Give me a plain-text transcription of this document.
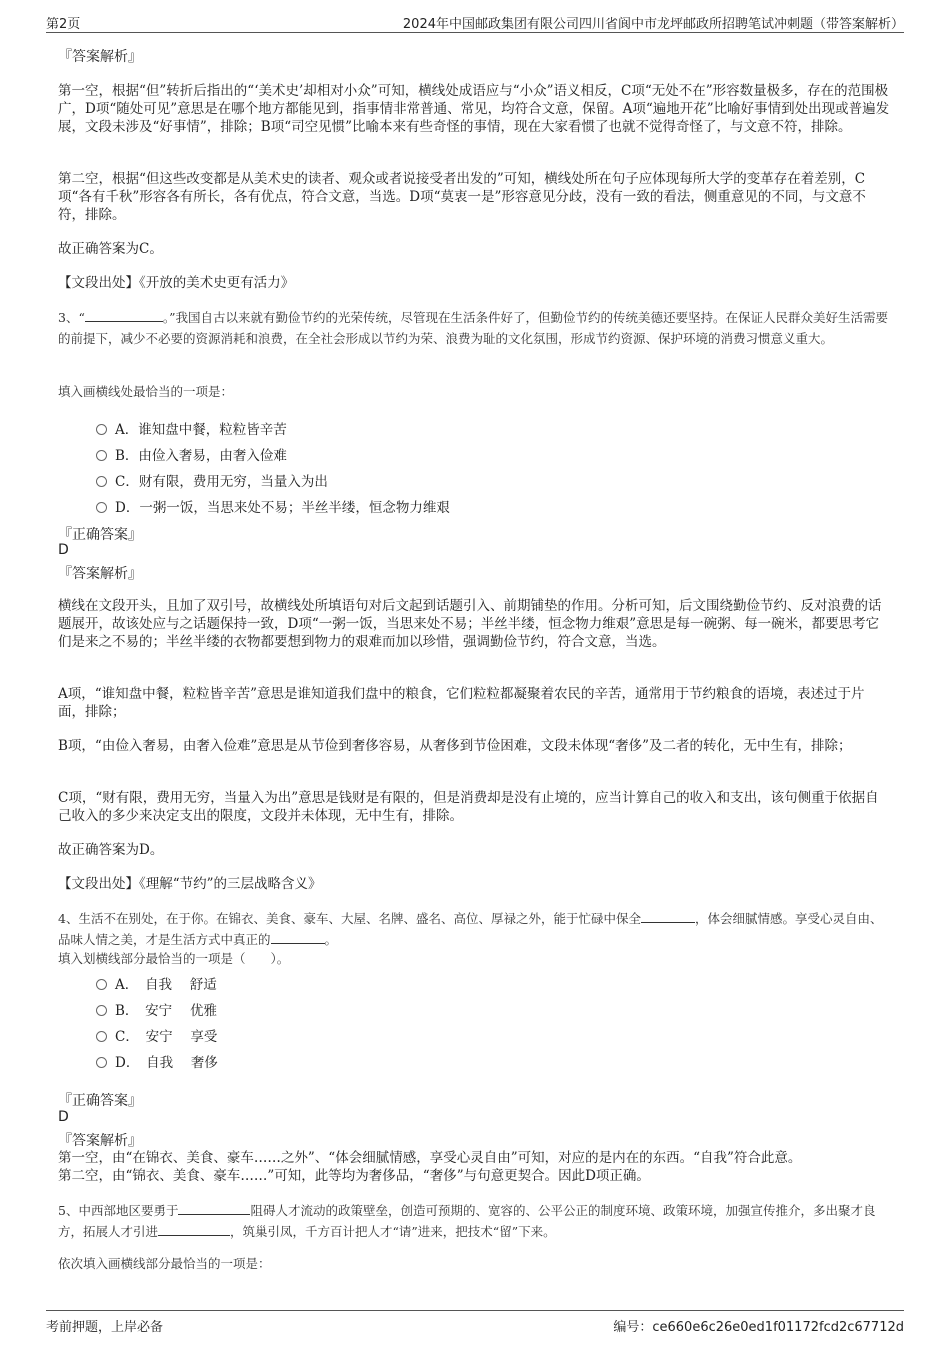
第2页	2024年中国邮政集团有限公司四川省阆中市龙坪邮政所招聘笔试冲刺题（带答案解析）
『答案解析』

第一空，根据“但”转折后指出的“‘美术史’却相对小众”可知，横线处成语应与“小众”语义相反，C项“无处不在”形容数量极多，存在的范围极广，D项“随处可见”意思是在哪个地方都能见到，指事情非常普通、常见，均符合文意，保留。A项“遍地开花”比喻好事情到处出现或普遍发展，文段未涉及“好事情”，排除；B项“司空见惯”比喻本来有些奇怪的事情，现在大家看惯了也就不觉得奇怪了，与文意不符，排除。

第二空，根据“但这些改变都是从美术史的读者、观众或者说接受者出发的”可知，横线处所在句子应体现每所大学的变革存在着差别，C项“各有千秋”形容各有所长，各有优点，符合文意，当选。D项“莫衷一是”形容意见分歧，没有一致的看法，侧重意见的不同，与文意不符，排除。

故正确答案为C。
【文段出处】《开放的美术史更有活力》

3、“	。”我国自古以来就有勤俭节约的光荣传统，尽管现在生活条件好了，但勤俭节约的传统美德还要坚持。在保证人民群众美好生活需要的前提下，减少不必要的资源消耗和浪费，在全社会形成以节约为荣、浪费为耻的文化氛围，形成节约资源、保护环境的消费习惯意义重大。

填入画横线处最恰当的一项是：
A．谁知盘中餐，粒粒皆辛苦
B．由俭入奢易，由奢入俭难
C．财有限，费用无穷，当量入为出
D．一粥一饭，当思来处不易；半丝半缕，恒念物力维艰
『正确答案』
D
『答案解析』

横线在文段开头，且加了双引号，故横线处所填语句对后文起到话题引入、前期铺垫的作用。分析可知，后文围绕勤俭节约、反对浪费的话题展开，故该处应与之话题保持一致，D项“一粥一饭，当思来处不易；半丝半缕，恒念物力维艰”意思是每一碗粥、每一碗米，都要思考它们是来之不易的；半丝半缕的衣物都要想到物力的艰难而加以珍惜，强调勤俭节约，符合文意，当选。

A项，“谁知盘中餐，粒粒皆辛苦”意思是谁知道我们盘中的粮食，它们粒粒都凝聚着农民的辛苦，通常用于节约粮食的语境，表述过于片面，排除；

B项，“由俭入奢易，由奢入俭难”意思是从节俭到奢侈容易，从奢侈到节俭困难，文段未体现“奢侈”及二者的转化，无中生有，排除；

C项，“财有限，费用无穷，当量入为出”意思是钱财是有限的，但是消费却是没有止境的，应当计算自己的收入和支出，该句侧重于依据自己收入的多少来决定支出的限度，文段并未体现，无中生有，排除。

故正确答案为D。
【文段出处】《理解“节约”的三层战略含义》

4、生活不在别处，在于你。在锦衣、美食、豪车、大屋、名牌、盛名、高位、厚禄之外，能于忙碌中保全	，体会细腻情感。享受心灵自由、品味人情之美，才是生活方式中真正的	。

填入划横线部分最恰当的一项是（　　）。
A．　自我　 舒适
B．　安宁　 优雅
C．　安宁　 享受
D．　自我　 奢侈
『正确答案』
D
『答案解析』
第一空，由“在锦衣、美食、豪车……之外”、“体会细腻情感，享受心灵自由”可知，对应的是内在的东西。“自我”符合此意。
第二空，由“锦衣、美食、豪车……”可知，此等均为奢侈品，“奢侈”与句意更契合。因此D项正确。

5、中西部地区要勇于	阻碍人才流动的政策壁垒，创造可预期的、宽容的、公平公正的制度环境、政策环境，加强宣传推介，多出聚才良方，拓展人才引进	，筑巢引凤，千方百计把人才“请”进来，把技术“留”下来。

依次填入画横线部分最恰当的一项是：
考前押题，上岸必备	编号：ce660e6c26e0ed1f01172fcd2c67712d
